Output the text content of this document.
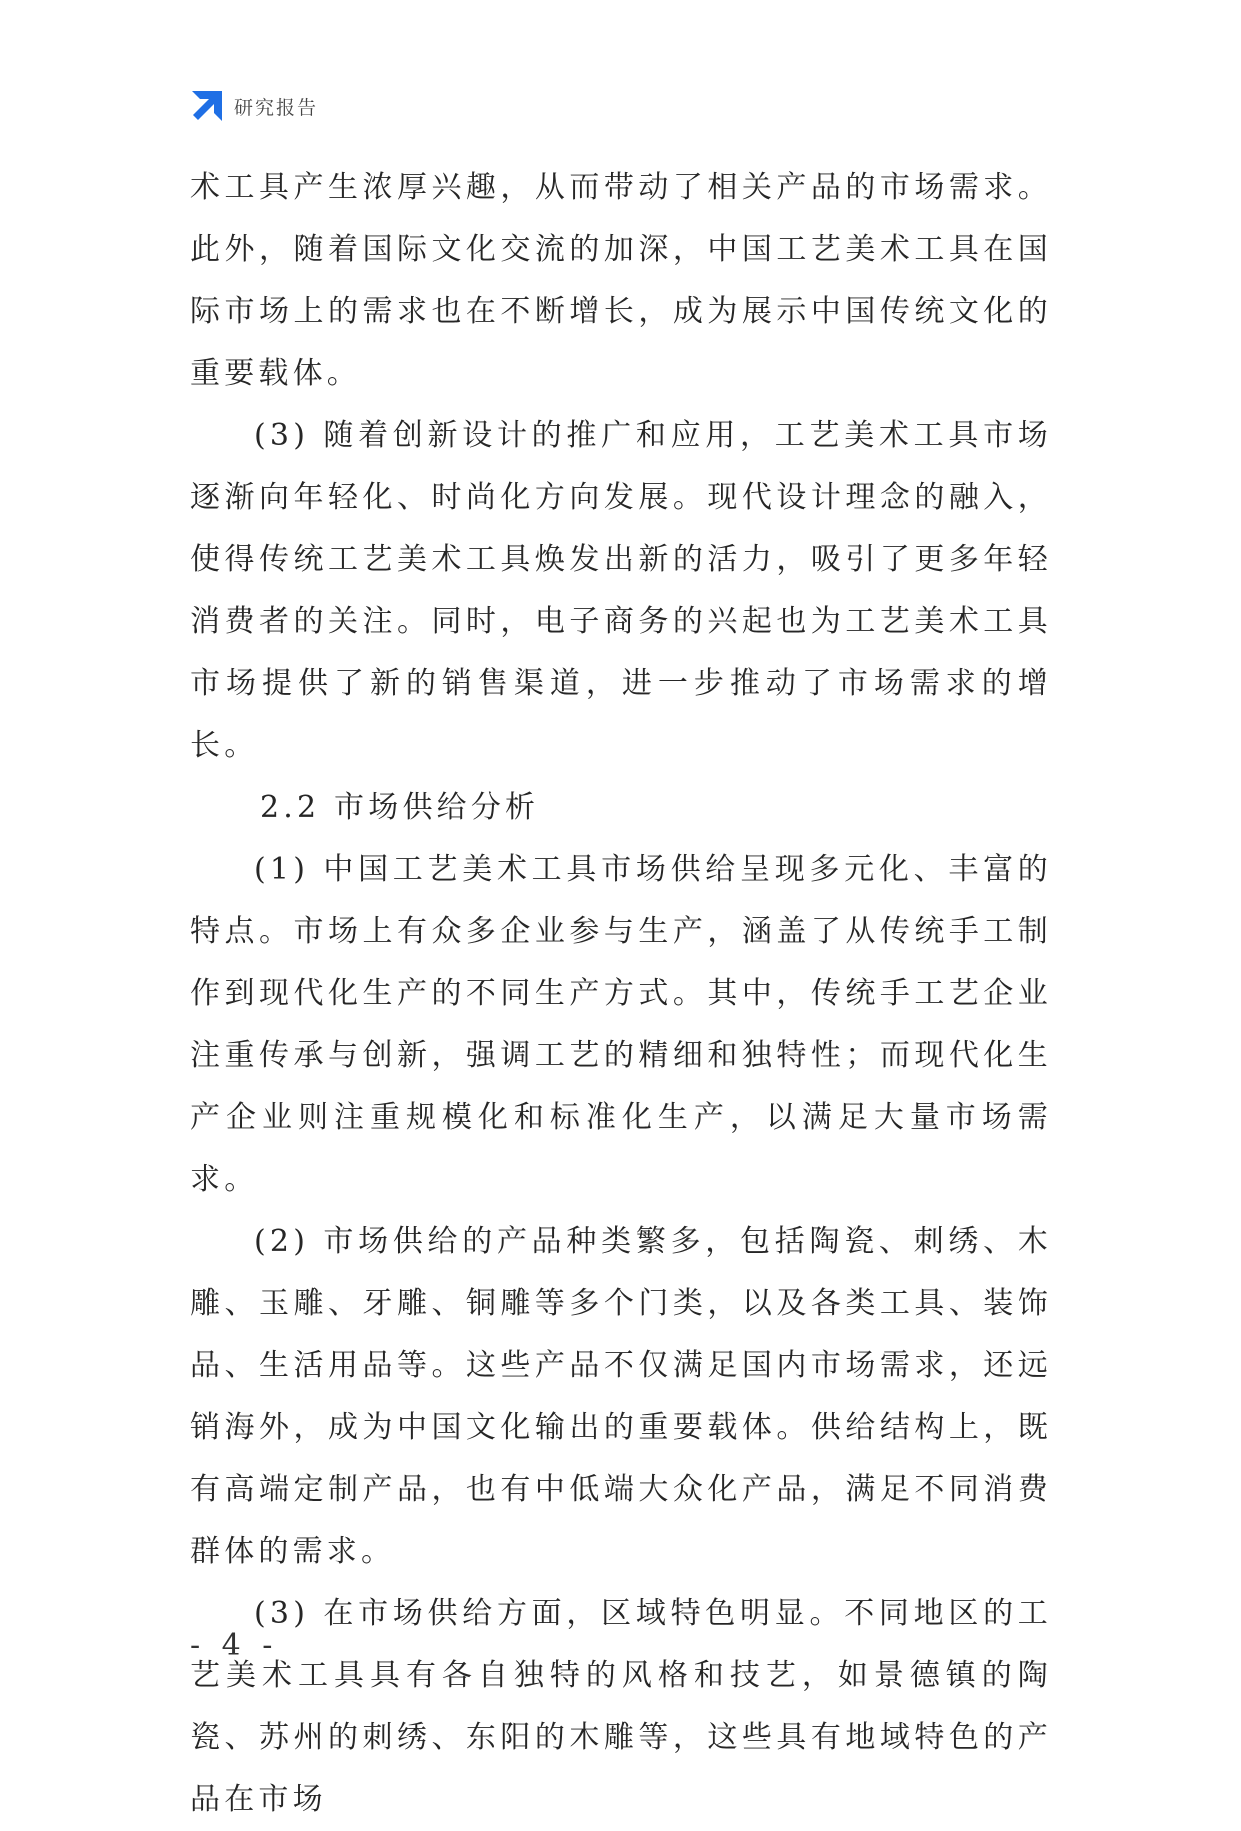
研究报告

术工具产生浓厚兴趣，从而带动了相关产品的市场需求。此外，随着国际文化交流的加深，中国工艺美术工具在国际市场上的需求也在不断增长，成为展示中国传统文化的重要载体。

(3) 随着创新设计的推广和应用，工艺美术工具市场逐渐向年轻化、时尚化方向发展。现代设计理念的融入，使得传统工艺美术工具焕发出新的活力，吸引了更多年轻消费者的关注。同时，电子商务的兴起也为工艺美术工具市场提供了新的销售渠道，进一步推动了市场需求的增长。

2.2 市场供给分析

(1) 中国工艺美术工具市场供给呈现多元化、丰富的特点。市场上有众多企业参与生产，涵盖了从传统手工制作到现代化生产的不同生产方式。其中，传统手工艺企业注重传承与创新，强调工艺的精细和独特性；而现代化生产企业则注重规模化和标准化生产，以满足大量市场需求。

(2) 市场供给的产品种类繁多，包括陶瓷、刺绣、木雕、玉雕、牙雕、铜雕等多个门类，以及各类工具、装饰品、生活用品等。这些产品不仅满足国内市场需求，还远销海外，成为中国文化输出的重要载体。供给结构上，既有高端定制产品，也有中低端大众化产品，满足不同消费群体的需求。

(3) 在市场供给方面，区域特色明显。不同地区的工艺美术工具具有各自独特的风格和技艺，如景德镇的陶瓷、苏州的刺绣、东阳的木雕等，这些具有地域特色的产品在市场

- 4 -
